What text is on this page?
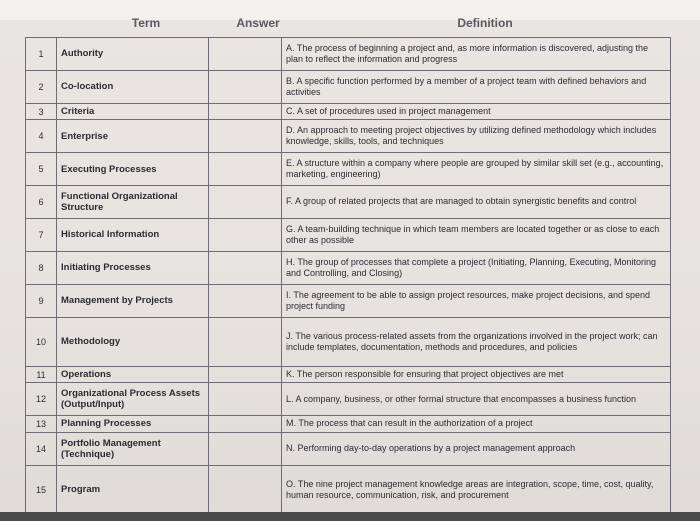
Term	Answer	Definition
1	Authority		A. The process of beginning a project and, as more information is discovered, adjusting the plan to reflect the information and progress
2	Co-location		B. A specific function performed by a member of a project team with defined behaviors and activities
3	Criteria		C. A set of procedures used in project management
4	Enterprise		D. An approach to meeting project objectives by utilizing defined methodology which includes knowledge, skills, tools, and techniques
5	Executing Processes		E. A structure within a company where people are grouped by similar skill set (e.g., accounting, marketing, engineering)
6	Functional Organizational Structure		F. A group of related projects that are managed to obtain synergistic benefits and control
7	Historical Information		G. A team-building technique in which team members are located together or as close to each other as possible
8	Initiating Processes		H. The group of processes that complete a project (Initiating, Planning, Executing, Monitoring and Controlling, and Closing)
9	Management by Projects		I. The agreement to be able to assign project resources, make project decisions, and spend project funding
10	Methodology		J. The various process-related assets from the organizations involved in the project work; can include templates, documentation, methods and procedures, and policies
11	Operations		K. The person responsible for ensuring that project objectives are met
12	Organizational Process Assets (Output/Input)		L. A company, business, or other formal structure that encompasses a business function
13	Planning Processes		M. The process that can result in the authorization of a project
14	Portfolio Management (Technique)		N. Performing day-to-day operations by a project management approach
15	Program		O. The nine project management knowledge areas are integration, scope, time, cost, quality, human resource, communication, risk, and procurement
